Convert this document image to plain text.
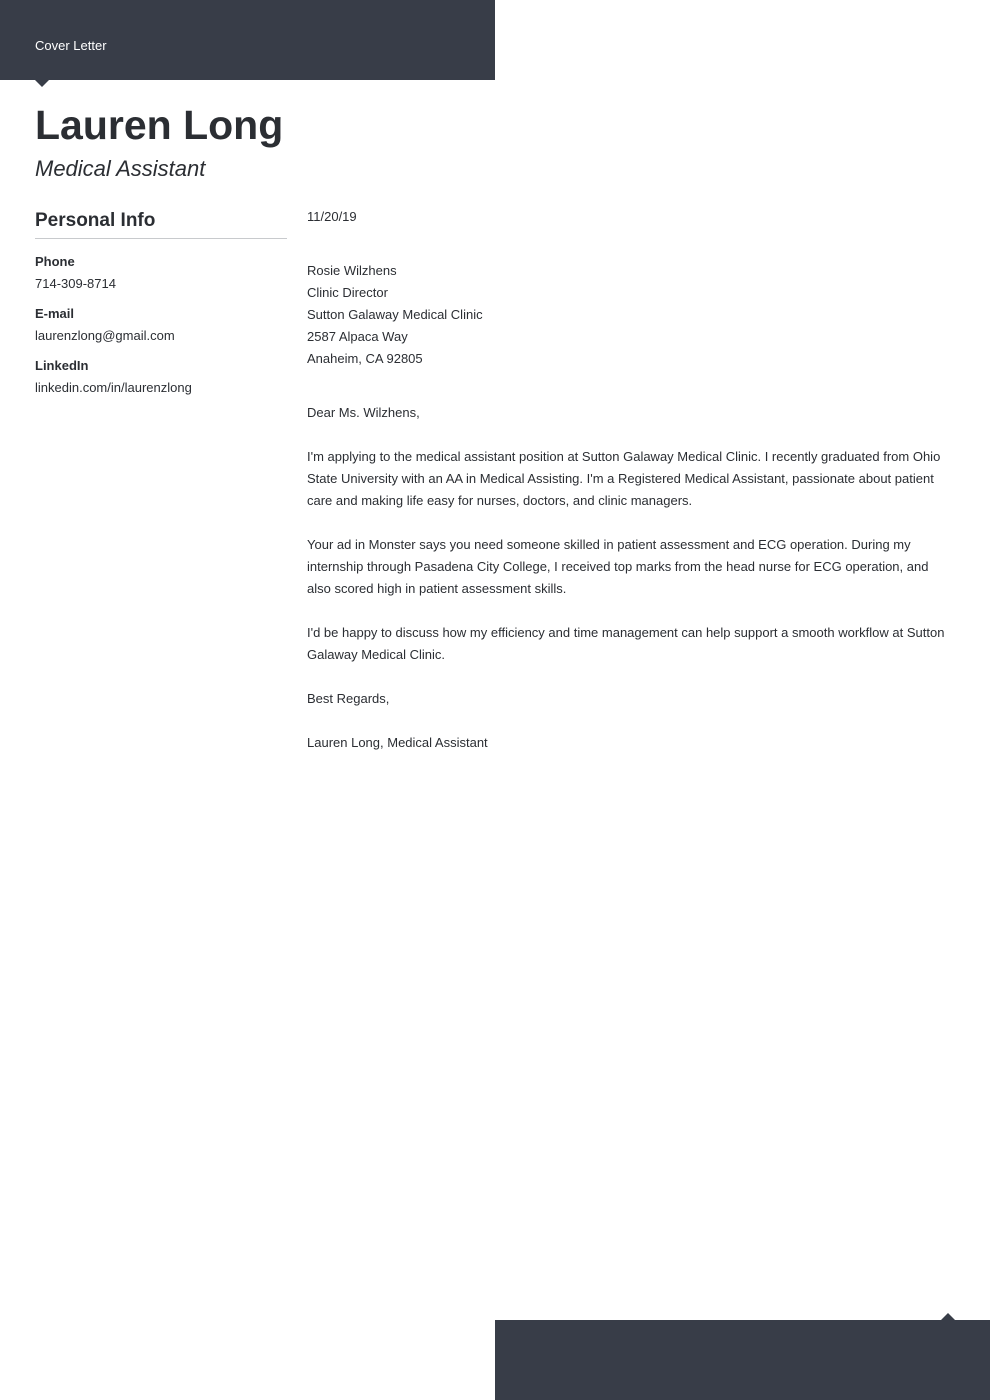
Cover Letter
Lauren Long
Medical Assistant
Personal Info
Phone
714-309-8714
E-mail
laurenzlong@gmail.com
LinkedIn
linkedin.com/in/laurenzlong

11/20/19

Rosie Wilzhens
Clinic Director
Sutton Galaway Medical Clinic
2587 Alpaca Way
Anaheim, CA 92805

Dear Ms. Wilzhens,

I'm applying to the medical assistant position at Sutton Galaway Medical Clinic. I recently graduated from Ohio State University with an AA in Medical Assisting. I'm a Registered Medical Assistant, passionate about patient care and making life easy for nurses, doctors, and clinic managers.

Your ad in Monster says you need someone skilled in patient assessment and ECG operation. During my internship through Pasadena City College, I received top marks from the head nurse for ECG operation, and also scored high in patient assessment skills.

I'd be happy to discuss how my efficiency and time management can help support a smooth workflow at Sutton Galaway Medical Clinic.

Best Regards,

Lauren Long, Medical Assistant
